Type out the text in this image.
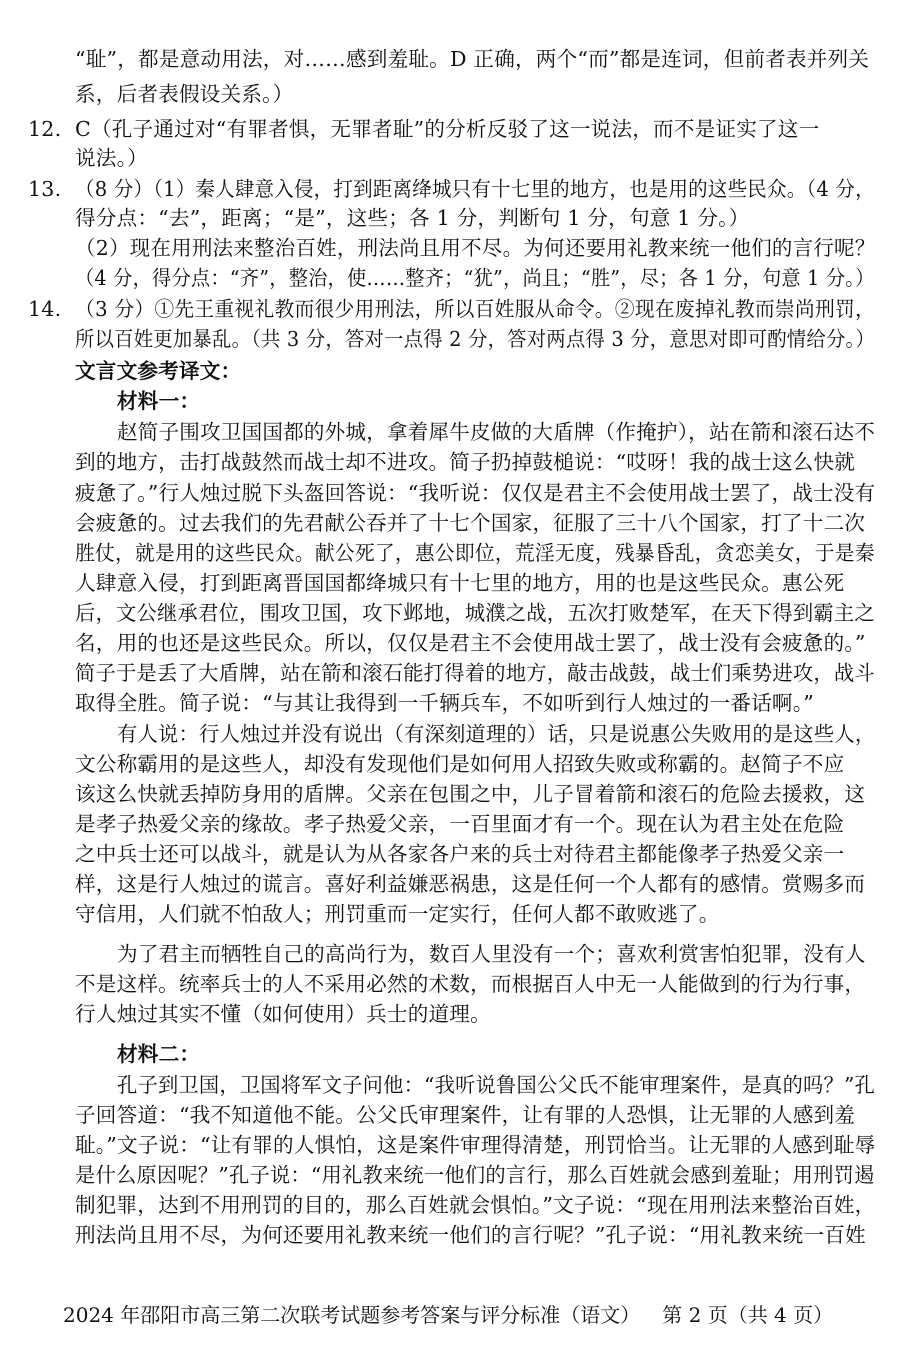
“耻”，都是意动用法，对……感到羞耻。D 正确，两个“而”都是连词，但前者表并列关
系，后者表假设关系。）
12. C（孔子通过对“有罪者惧，无罪者耻”的分析反驳了这一说法，而不是证实了这一
说法。）
13. （8 分）（1）秦人肆意入侵，打到距离绛城只有十七里的地方，也是用的这些民众。（4 分，
得分点：“去”，距离；“是”，这些；各 1 分，判断句 1 分，句意 1 分。）
（2）现在用刑法来整治百姓，刑法尚且用不尽。为何还要用礼教来统一他们的言行呢？
（4 分，得分点：“齐”，整治，使……整齐；“犹”，尚且；“胜”，尽；各 1 分，句意 1 分。）
14. （3 分）①先王重视礼教而很少用刑法，所以百姓服从命令。②现在废掉礼教而崇尚刑罚，
所以百姓更加暴乱。（共 3 分，答对一点得 2 分，答对两点得 3 分，意思对即可酌情给分。）
文言文参考译文：
材料一：
赵简子围攻卫国国都的外城，拿着犀牛皮做的大盾牌（作掩护），站在箭和滚石达不
到的地方，击打战鼓然而战士却不进攻。简子扔掉鼓槌说：“哎呀！我的战士这么快就
疲惫了。”行人烛过脱下头盔回答说：“我听说：仅仅是君主不会使用战士罢了，战士没有
会疲惫的。过去我们的先君献公吞并了十七个国家，征服了三十八个国家，打了十二次
胜仗，就是用的这些民众。献公死了，惠公即位，荒淫无度，残暴昏乱，贪恋美女，于是秦
人肆意入侵，打到距离晋国国都绛城只有十七里的地方，用的也是这些民众。惠公死
后，文公继承君位，围攻卫国，攻下邺地，城濮之战，五次打败楚军，在天下得到霸主之
名，用的也还是这些民众。所以，仅仅是君主不会使用战士罢了，战士没有会疲惫的。”
简子于是丢了大盾牌，站在箭和滚石能打得着的地方，敲击战鼓，战士们乘势进攻，战斗
取得全胜。简子说：“与其让我得到一千辆兵车，不如听到行人烛过的一番话啊。”
有人说：行人烛过并没有说出（有深刻道理的）话，只是说惠公失败用的是这些人，
文公称霸用的是这些人，却没有发现他们是如何用人招致失败或称霸的。赵简子不应
该这么快就丢掉防身用的盾牌。父亲在包围之中，儿子冒着箭和滚石的危险去援救，这
是孝子热爱父亲的缘故。孝子热爱父亲，一百里面才有一个。现在认为君主处在危险
之中兵士还可以战斗，就是认为从各家各户来的兵士对待君主都能像孝子热爱父亲一
样，这是行人烛过的谎言。喜好利益嫌恶祸患，这是任何一个人都有的感情。赏赐多而
守信用，人们就不怕敌人；刑罚重而一定实行，任何人都不敢败逃了。
为了君主而牺牲自己的高尚行为，数百人里没有一个；喜欢利赏害怕犯罪，没有人
不是这样。统率兵士的人不采用必然的术数，而根据百人中无一人能做到的行为行事，
行人烛过其实不懂（如何使用）兵士的道理。
材料二：
孔子到卫国，卫国将军文子问他：“我听说鲁国公父氏不能审理案件，是真的吗？”孔
子回答道：“我不知道他不能。公父氏审理案件，让有罪的人恐惧，让无罪的人感到羞
耻。”文子说：“让有罪的人惧怕，这是案件审理得清楚，刑罚恰当。让无罪的人感到耻辱
是什么原因呢？”孔子说：“用礼教来统一他们的言行，那么百姓就会感到羞耻；用刑罚遏
制犯罪，达到不用刑罚的目的，那么百姓就会惧怕。”文子说：“现在用刑法来整治百姓，
刑法尚且用不尽，为何还要用礼教来统一他们的言行呢？”孔子说：“用礼教来统一百姓
2024 年邵阳市高三第二次联考试题参考答案与评分标准（语文） 第 2 页（共 4 页）
